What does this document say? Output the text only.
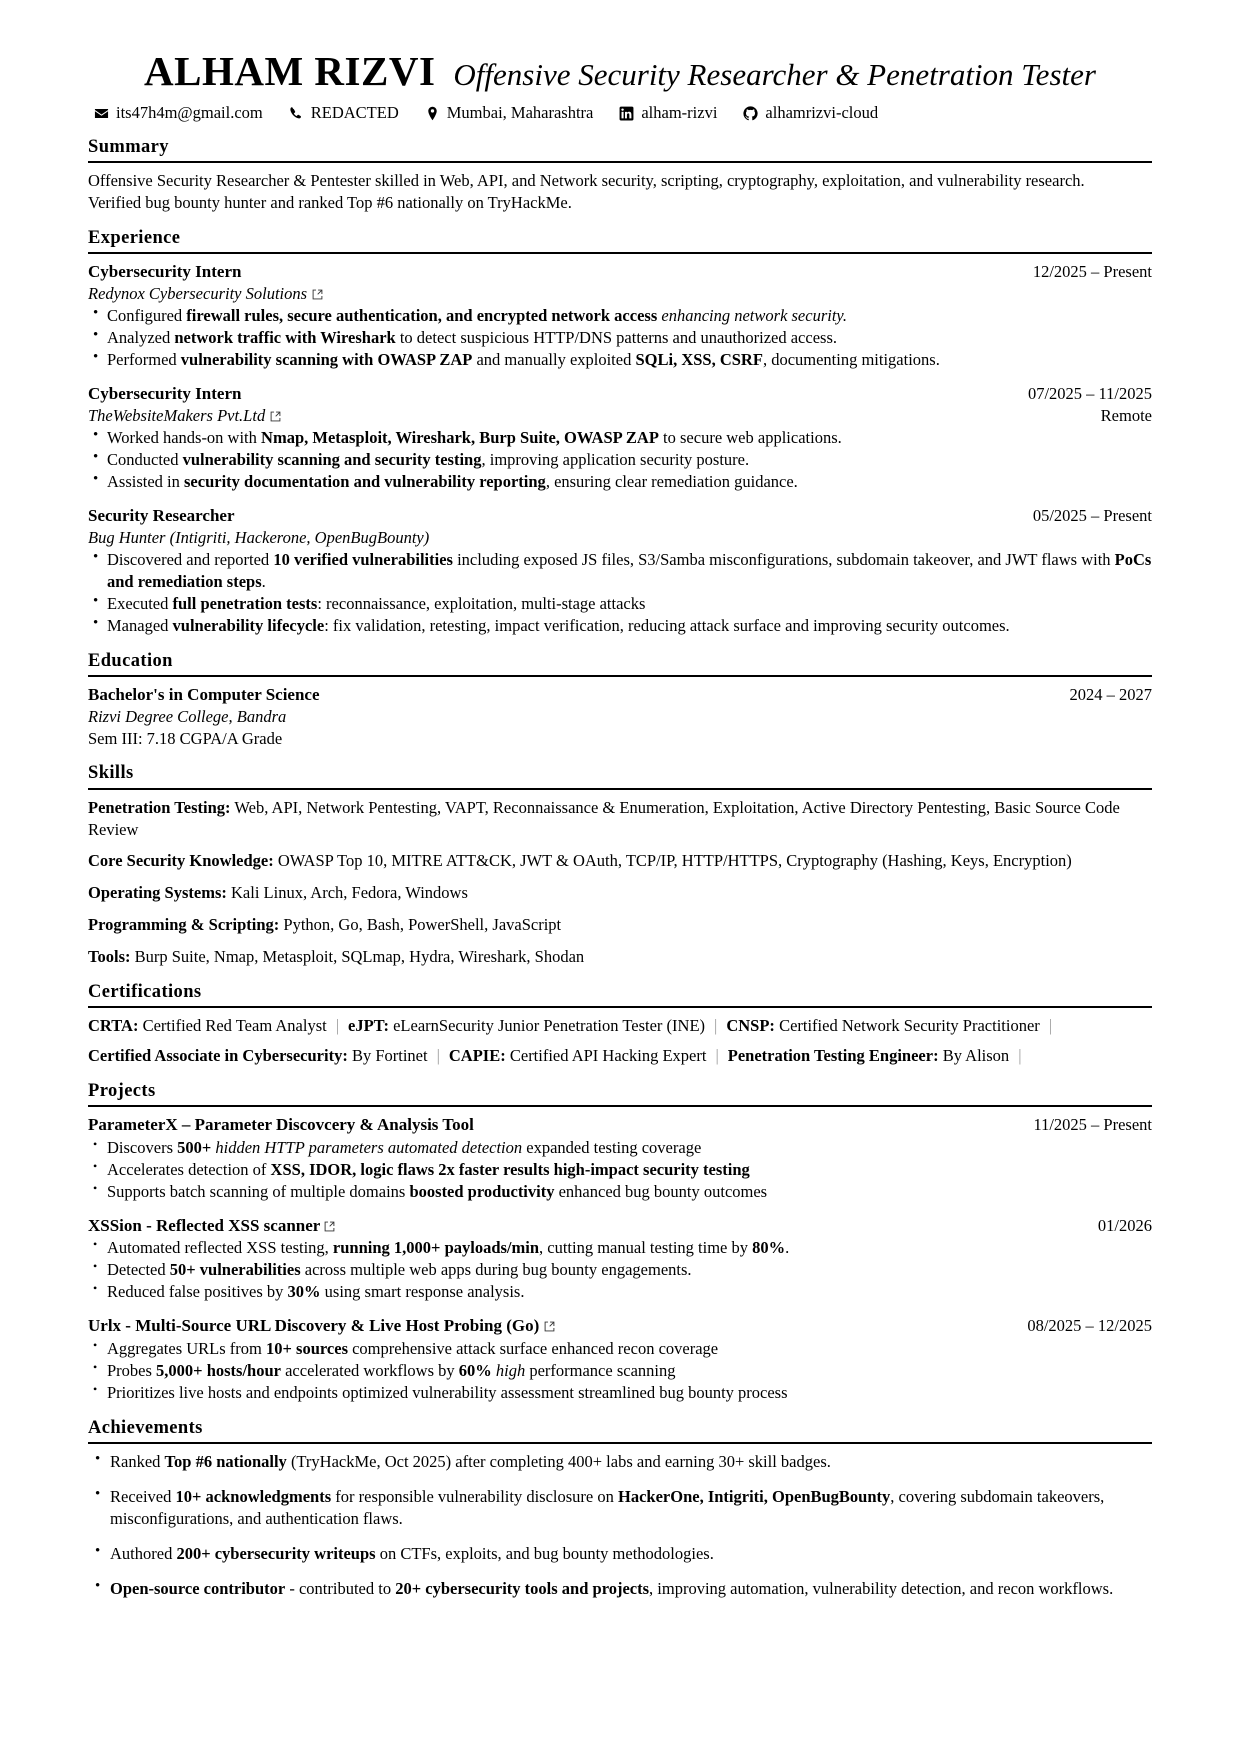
ALHAM RIZVI Offensive Security Researcher & Penetration Tester
its47h4m@gmail.com	REDACTED	Mumbai, Maharashtra	alham-rizvi	alhamrizvi-cloud
Summary
Offensive Security Researcher & Pentester skilled in Web, API, and Network security, scripting, cryptography, exploitation, and vulnerability research.
Verified bug bounty hunter and ranked Top #6 nationally on TryHackMe.
Experience
Cybersecurity Intern	12/2025 – Present
Redynox Cybersecurity Solutions
• Configured firewall rules, secure authentication, and encrypted network access enhancing network security.
• Analyzed network traffic with Wireshark to detect suspicious HTTP/DNS patterns and unauthorized access.
• Performed vulnerability scanning with OWASP ZAP and manually exploited SQLi, XSS, CSRF, documenting mitigations.
Cybersecurity Intern	07/2025 – 11/2025
TheWebsiteMakers Pvt.Ltd	Remote
• Worked hands-on with Nmap, Metasploit, Wireshark, Burp Suite, OWASP ZAP to secure web applications.
• Conducted vulnerability scanning and security testing, improving application security posture.
• Assisted in security documentation and vulnerability reporting, ensuring clear remediation guidance.
Security Researcher	05/2025 – Present
Bug Hunter (Intigriti, Hackerone, OpenBugBounty)
• Discovered and reported 10 verified vulnerabilities including exposed JS files, S3/Samba misconfigurations, subdomain takeover, and JWT flaws with PoCs and remediation steps.
• Executed full penetration tests: reconnaissance, exploitation, multi-stage attacks
• Managed vulnerability lifecycle: fix validation, retesting, impact verification, reducing attack surface and improving security outcomes.
Education
Bachelor's in Computer Science	2024 – 2027
Rizvi Degree College, Bandra
Sem III: 7.18 CGPA/A Grade
Skills
Penetration Testing: Web, API, Network Pentesting, VAPT, Reconnaissance & Enumeration, Exploitation, Active Directory Pentesting, Basic Source Code Review
Core Security Knowledge: OWASP Top 10, MITRE ATT&CK, JWT & OAuth, TCP/IP, HTTP/HTTPS, Cryptography (Hashing, Keys, Encryption)
Operating Systems: Kali Linux, Arch, Fedora, Windows
Programming & Scripting: Python, Go, Bash, PowerShell, JavaScript
Tools: Burp Suite, Nmap, Metasploit, SQLmap, Hydra, Wireshark, Shodan
Certifications
CRTA: Certified Red Team Analyst | eJPT: eLearnSecurity Junior Penetration Tester (INE) | CNSP: Certified Network Security Practitioner |
Certified Associate in Cybersecurity: By Fortinet | CAPIE: Certified API Hacking Expert | Penetration Testing Engineer: By Alison |
Projects
ParameterX – Parameter Discovcery & Analysis Tool	11/2025 – Present
• Discovers 500+ hidden HTTP parameters automated detection expanded testing coverage
• Accelerates detection of XSS, IDOR, logic flaws 2x faster results high-impact security testing
• Supports batch scanning of multiple domains boosted productivity enhanced bug bounty outcomes
XSSion - Reflected XSS scanner	01/2026
• Automated reflected XSS testing, running 1,000+ payloads/min, cutting manual testing time by 80%.
• Detected 50+ vulnerabilities across multiple web apps during bug bounty engagements.
• Reduced false positives by 30% using smart response analysis.
Urlx - Multi-Source URL Discovery & Live Host Probing (Go)	08/2025 – 12/2025
• Aggregates URLs from 10+ sources comprehensive attack surface enhanced recon coverage
• Probes 5,000+ hosts/hour accelerated workflows by 60% high performance scanning
• Prioritizes live hosts and endpoints optimized vulnerability assessment streamlined bug bounty process
Achievements
• Ranked Top #6 nationally (TryHackMe, Oct 2025) after completing 400+ labs and earning 30+ skill badges.
• Received 10+ acknowledgments for responsible vulnerability disclosure on HackerOne, Intigriti, OpenBugBounty, covering subdomain takeovers, misconfigurations, and authentication flaws.
• Authored 200+ cybersecurity writeups on CTFs, exploits, and bug bounty methodologies.
• Open-source contributor - contributed to 20+ cybersecurity tools and projects, improving automation, vulnerability detection, and recon workflows.
